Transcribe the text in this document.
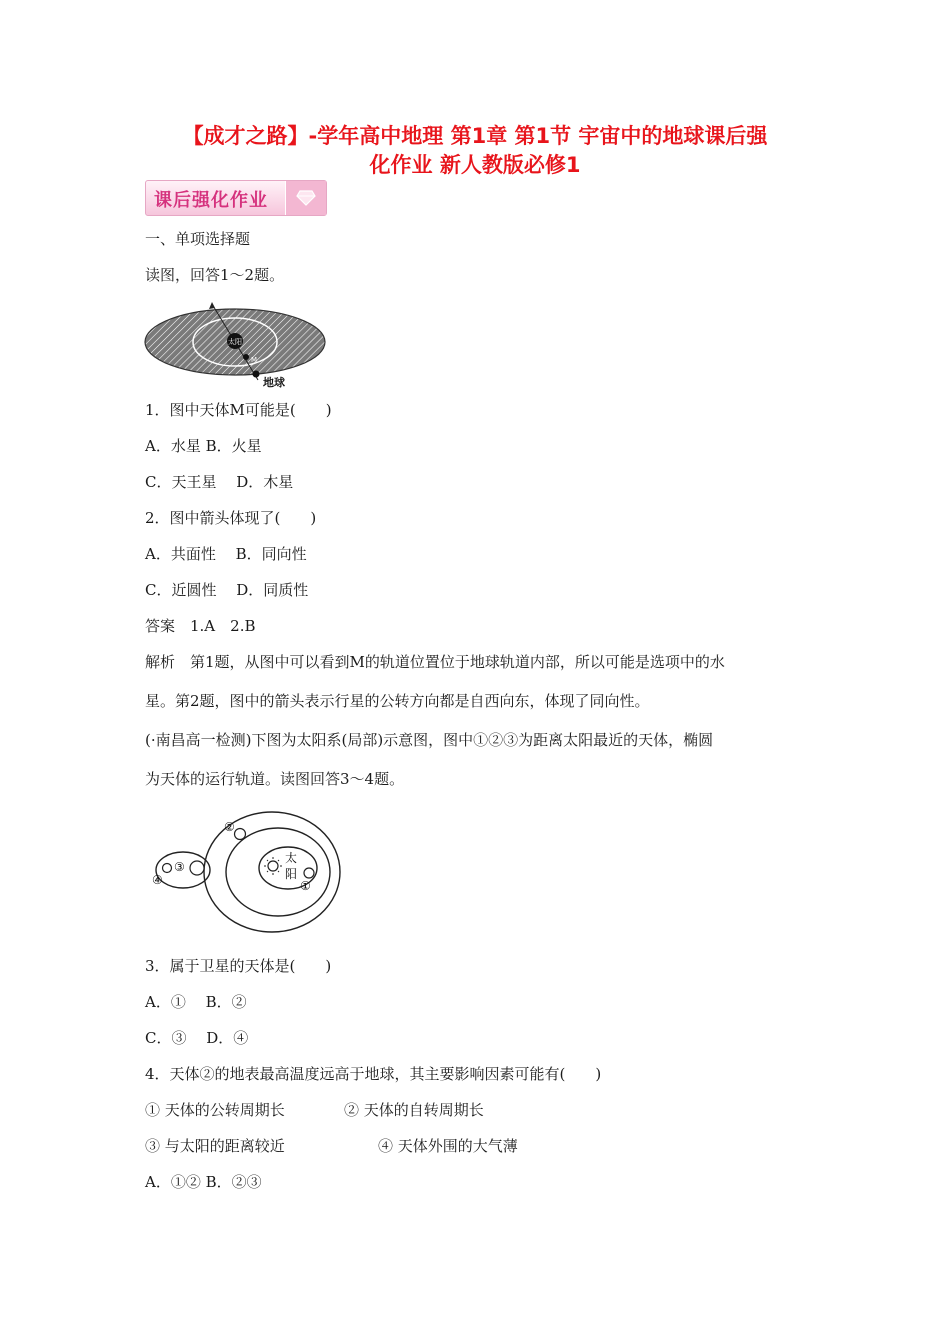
【成才之路】-学年高中地理 第1章 第1节 宇宙中的地球课后强
化作业 新人教版必修1
课后强化作业
一、单项选择题
读图，回答1～2题。
太阳
M
地球
1．图中天体M可能是(　　)
A．水星 B．火星
C．天王星　 D．木星
2．图中箭头体现了(　　)
A．共面性　 B．同向性
C．近圆性　 D．同质性
答案　1.A　2.B
解析　第1题，从图中可以看到M的轨道位置位于地球轨道内部，所以可能是选项中的水
星。第2题，图中的箭头表示行星的公转方向都是自西向东，体现了同向性。
(·南昌高一检测)下图为太阳系(局部)示意图，图中①②③为距离太阳最近的天体，椭圆
为天体的运行轨道。读图回答3～4题。
太
阳
①
②
③
④
3．属于卫星的天体是(　　)
A．①　 B．②
C．③　 D．④
4．天体②的地表最高温度远高于地球，其主要影响因素可能有(　　)
① 天体的公转周期长	② 天体的自转周期长
③ 与太阳的距离较近	④ 天体外围的大气薄
A．①② B．②③
